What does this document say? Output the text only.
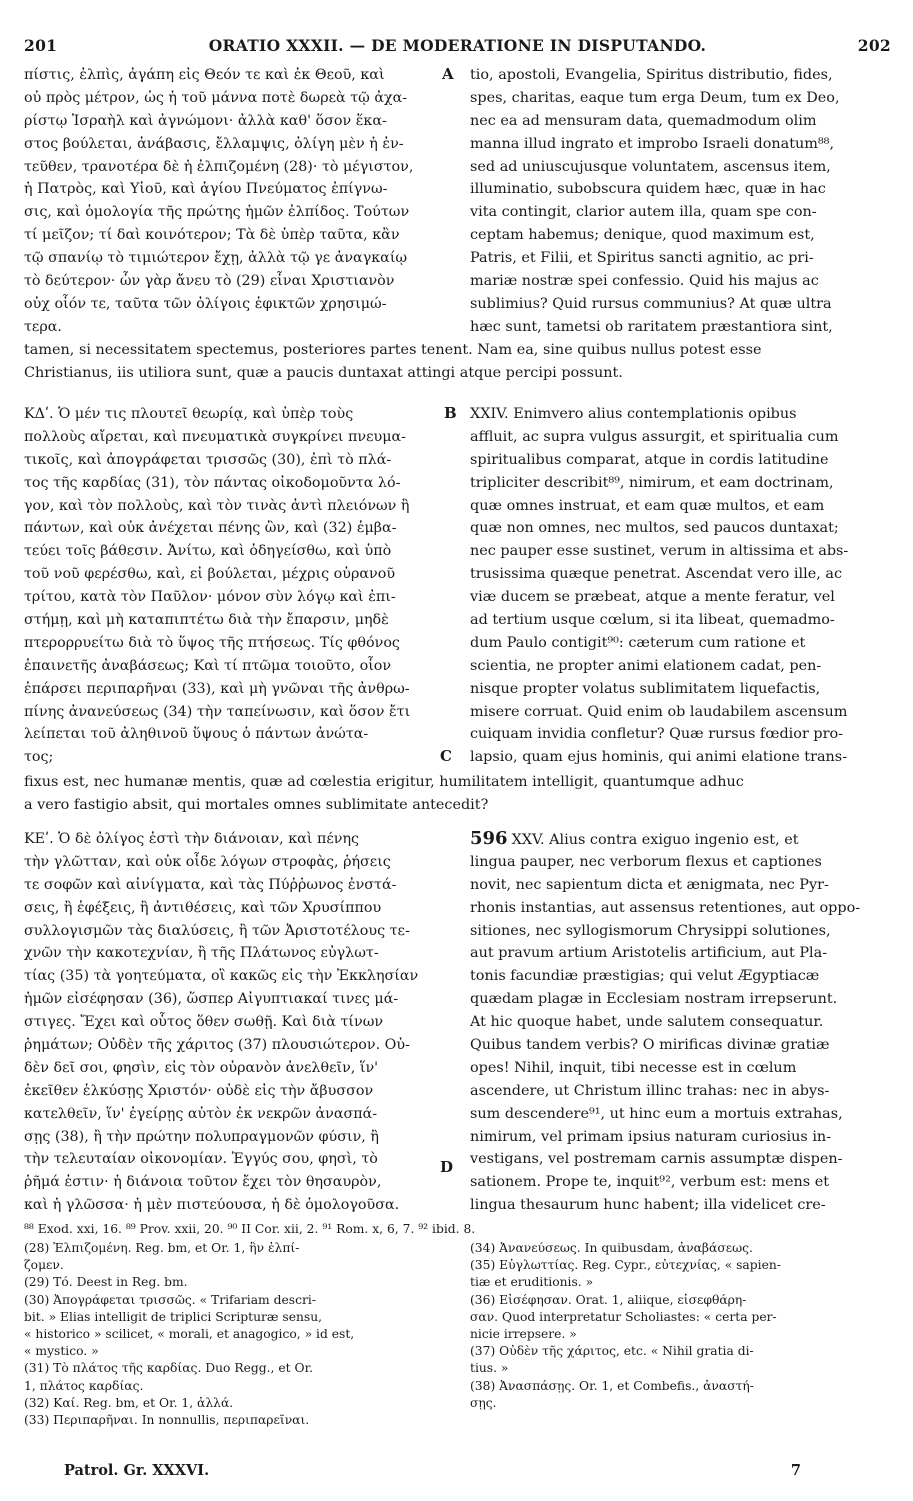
201	ORATIO XXXII. — DE MODERATIONE IN DISPUTANDO.	202
πίστις, ἐλπὶς, ἀγάπη εἰς Θεόν τε καὶ ἐκ Θεοῦ, καὶ
οὐ πρὸς μέτρον, ὡς ἡ τοῦ μάννα ποτὲ δωρεὰ τῷ ἀχα-
ρίστῳ Ἰσραὴλ καὶ ἀγνώμονι· ἀλλὰ καθ' ὅσον ἕκα-
στος βούλεται, ἀνάβασις, ἔλλαμψις, ὀλίγη μὲν ἡ ἐν-
τεῦθεν, τρανοτέρα δὲ ἡ ἐλπιζομένη (28)· τὸ μέγιστον,
ἡ Πατρὸς, καὶ Υἱοῦ, καὶ ἁγίου Πνεύματος ἐπίγνω-
σις, καὶ ὁμολογία τῆς πρώτης ἡμῶν ἐλπίδος. Τούτων
τί μεῖζον; τί δαὶ κοινότερον; Τὰ δὲ ὑπὲρ ταῦτα, κἂν
τῷ σπανίῳ τὸ τιμιώτερον ἔχῃ, ἀλλὰ τῷ γε ἀναγκαίῳ
τὸ δεύτερον· ὧν γὰρ ἄνευ τὸ (29) εἶναι Χριστιανὸν
οὐχ οἷόν τε, ταῦτα τῶν ὀλίγοις ἐφικτῶν χρησιμώ-
τερα.
tio, apostoli, Evangelia, Spiritus distributio, fides,
spes, charitas, eaque tum erga Deum, tum ex Deo,
nec ea ad mensuram data, quemadmodum olim
manna illud ingrato et improbo Israeli donatum⁸⁸,
sed ad uniuscujusque voluntatem, ascensus item,
illuminatio, subobscura quidem hæc, quæ in hac
vita contingit, clarior autem illa, quam spe con-
ceptam habemus; denique, quod maximum est,
Patris, et Filii, et Spiritus sancti agnitio, ac pri-
mariæ nostræ spei confessio. Quid his majus ac
sublimius? Quid rursus communius? At quæ ultra
hæc sunt, tametsi ob raritatem præstantiora sint,
A
tamen, si necessitatem spectemus, posteriores partes tenent. Nam ea, sine quibus nullus potest esse
Christianus, iis utiliora sunt, quæ a paucis duntaxat attingi atque percipi possunt.
ΚΔʹ. Ὁ μέν τις πλουτεῖ θεωρίᾳ, καὶ ὑπὲρ τοὺς
πολλοὺς αἴρεται, καὶ πνευματικὰ συγκρίνει πνευμα-
τικοῖς, καὶ ἀπογράφεται τρισσῶς (30), ἐπὶ τὸ πλά-
τος τῆς καρδίας (31), τὸν πάντας οἰκοδομοῦντα λό-
γον, καὶ τὸν πολλοὺς, καὶ τὸν τινὰς ἀντὶ πλειόνων ἢ
πάντων, καὶ οὐκ ἀνέχεται πένης ὢν, καὶ (32) ἐμβα-
τεύει τοῖς βάθεσιν. Ἀνίτω, καὶ ὁδηγείσθω, καὶ ὑπὸ
τοῦ νοῦ φερέσθω, καὶ, εἰ βούλεται, μέχρις οὐρανοῦ
τρίτου, κατὰ τὸν Παῦλον· μόνον σὺν λόγῳ καὶ ἐπι-
στήμῃ, καὶ μὴ καταπιπτέτω διὰ τὴν ἔπαρσιν, μηδὲ
πτερορρυείτω διὰ τὸ ὕψος τῆς πτήσεως. Τίς φθόνος
ἐπαινετῆς ἀναβάσεως; Καὶ τί πτῶμα τοιοῦτο, οἷον
ἐπάρσει περιπαρῆναι (33), καὶ μὴ γνῶναι τῆς ἀνθρω-
πίνης ἀνανεύσεως (34) τὴν ταπείνωσιν, καὶ ὅσον ἔτι
λείπεται τοῦ ἀληθινοῦ ὕψους ὁ πάντων ἀνώτα-
τος;
XXIV. Enimvero alius contemplationis opibus
affluit, ac supra vulgus assurgit, et spiritualia cum
spiritualibus comparat, atque in cordis latitudine
tripliciter describit⁸⁹, nimirum, et eam doctrinam,
quæ omnes instruat, et eam quæ multos, et eam
quæ non omnes, nec multos, sed paucos duntaxat;
nec pauper esse sustinet, verum in altissima et abs-
trusissima quæque penetrat. Ascendat vero ille, ac
viæ ducem se præbeat, atque a mente feratur, vel
ad tertium usque cœlum, si ita libeat, quemadmo-
dum Paulo contigit⁹⁰: cæterum cum ratione et
scientia, ne propter animi elationem cadat, pen-
nisque propter volatus sublimitatem liquefactis,
misere corruat. Quid enim ob laudabilem ascensum
cuiquam invidia confletur? Quæ rursus fœdior pro-
lapsio, quam ejus hominis, qui animi elatione trans-
B
C
fixus est, nec humanæ mentis, quæ ad cœlestia erigitur, humilitatem intelligit, quantumque adhuc
a vero fastigio absit, qui mortales omnes sublimitate antecedit?
ΚΕʹ. Ὁ δὲ ὀλίγος ἐστὶ τὴν διάνοιαν, καὶ πένης
τὴν γλῶτταν, καὶ οὐκ οἶδε λόγων στροφὰς, ῥήσεις
τε σοφῶν καὶ αἰνίγματα, καὶ τὰς Πύῤῥωνος ἐνστά-
σεις, ἢ ἐφέξεις, ἢ ἀντιθέσεις, καὶ τῶν Χρυσίππου
συλλογισμῶν τὰς διαλύσεις, ἢ τῶν Ἀριστοτέλους τε-
χνῶν τὴν κακοτεχνίαν, ἢ τῆς Πλάτωνος εὐγλωτ-
τίας (35) τὰ γοητεύματα, οἳ κακῶς εἰς τὴν Ἐκκλησίαν
ἡμῶν εἰσέφησαν (36), ὥσπερ Αἰγυπτιακαί τινες μά-
στιγες. Ἔχει καὶ οὗτος ὅθεν σωθῇ. Καὶ διὰ τίνων
ῥημάτων; Οὐδὲν τῆς χάριτος (37) πλουσιώτερον. Οὐ-
δὲν δεῖ σοι, φησὶν, εἰς τὸν οὐρανὸν ἀνελθεῖν, ἵν'
ἐκεῖθεν ἑλκύσῃς Χριστόν· οὐδὲ εἰς τὴν ἄβυσσον
κατελθεῖν, ἵν' ἐγείρῃς αὐτὸν ἐκ νεκρῶν ἀνασπά-
σῃς (38), ἢ τὴν πρώτην πολυπραγμονῶν φύσιν, ἢ
τὴν τελευταίαν οἰκονομίαν. Ἐγγύς σου, φησὶ, τὸ
ῥῆμά ἐστιν· ἡ διάνοια τοῦτον ἔχει τὸν θησαυρὸν,
καὶ ἡ γλῶσσα· ἡ μὲν πιστεύουσα, ἡ δὲ ὁμολογοῦσα.
596 XXV. Alius contra exiguo ingenio est, et
lingua pauper, nec verborum flexus et captiones
novit, nec sapientum dicta et ænigmata, nec Pyr-
rhonis instantias, aut assensus retentiones, aut oppo-
sitiones, nec syllogismorum Chrysippi solutiones,
aut pravum artium Aristotelis artificium, aut Pla-
tonis facundiæ præstigias; qui velut Ægyptiacæ
quædam plagæ in Ecclesiam nostram irrepserunt.
At hic quoque habet, unde salutem consequatur.
Quibus tandem verbis? O mirificas divinæ gratiæ
opes! Nihil, inquit, tibi necesse est in cœlum
ascendere, ut Christum illinc trahas: nec in abys-
sum descendere⁹¹, ut hinc eum a mortuis extrahas,
nimirum, vel primam ipsius naturam curiosius in-
vestigans, vel postremam carnis assumptæ dispen-
sationem. Prope te, inquit⁹², verbum est: mens et
lingua thesaurum hunc habent; illa videlicet cre-
D
⁸⁸ Exod. xxi, 16. ⁸⁹ Prov. xxii, 20. ⁹⁰ II Cor. xii, 2. ⁹¹ Rom. x, 6, 7. ⁹² ibid. 8.
(28) Ἐλπιζομένη. Reg. bm, et Or. 1, ἣν ἐλπί-
ζομεν.
(29) Τό. Deest in Reg. bm.
(30) Ἀπογράφεται τρισσῶς. « Trifariam descri-
bit. » Elias intelligit de triplici Scripturæ sensu,
« historico » scilicet, « morali, et anagogico, » id est,
« mystico. »
(31) Τὸ πλάτος τῆς καρδίας. Duo Regg., et Or.
1, πλάτος καρδίας.
(32) Καί. Reg. bm, et Or. 1, ἀλλά.
(33) Περιπαρῆναι. In nonnullis, περιπαρεῖναι.
(34) Ἀνανεύσεως. In quibusdam, ἀναβάσεως.
(35) Εὐγλωττίας. Reg. Cypr., εὐτεχνίας, « sapien-
tiæ et eruditionis. »
(36) Εἰσέφησαν. Orat. 1, aliique, εἰσεφθάρη-
σαν. Quod interpretatur Scholiastes: « certa per-
nicie irrepsere. »
(37) Οὐδὲν τῆς χάριτος, etc. « Nihil gratia di-
tius. »
(38) Ἀνασπάσῃς. Or. 1, et Combefis., ἀναστή-
σῃς.
Patrol. Gr. XXXVI.	7
